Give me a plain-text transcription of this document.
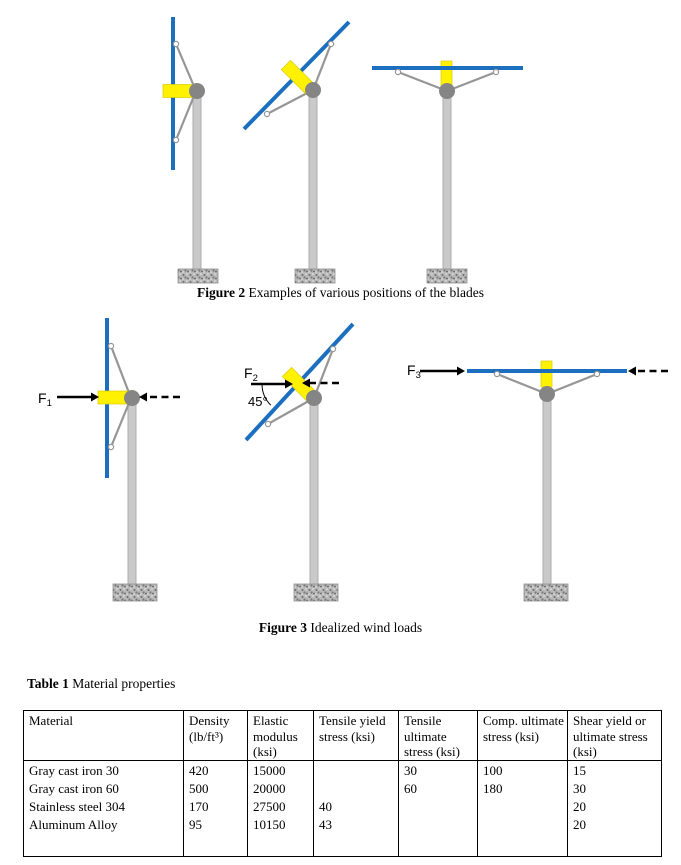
$F_1$
$F_2$
45°
$F_3$
Figure 2 Examples of various positions of the blades
Figure 3 Idealized wind loads
Table 1 Material properties
Material	Density (lb/ft³)	Elastic modulus (ksi)	Tensile yield stress (ksi)	Tensile ultimate stress (ksi)	Comp. ultimate stress (ksi)	Shear yield or ultimate stress (ksi)
Gray cast iron 30	420	15000		30	100	15
Gray cast iron 60	500	20000		60	180	30
Stainless steel 304	170	27500	40			20
Aluminum Alloy	95	10150	43			20
